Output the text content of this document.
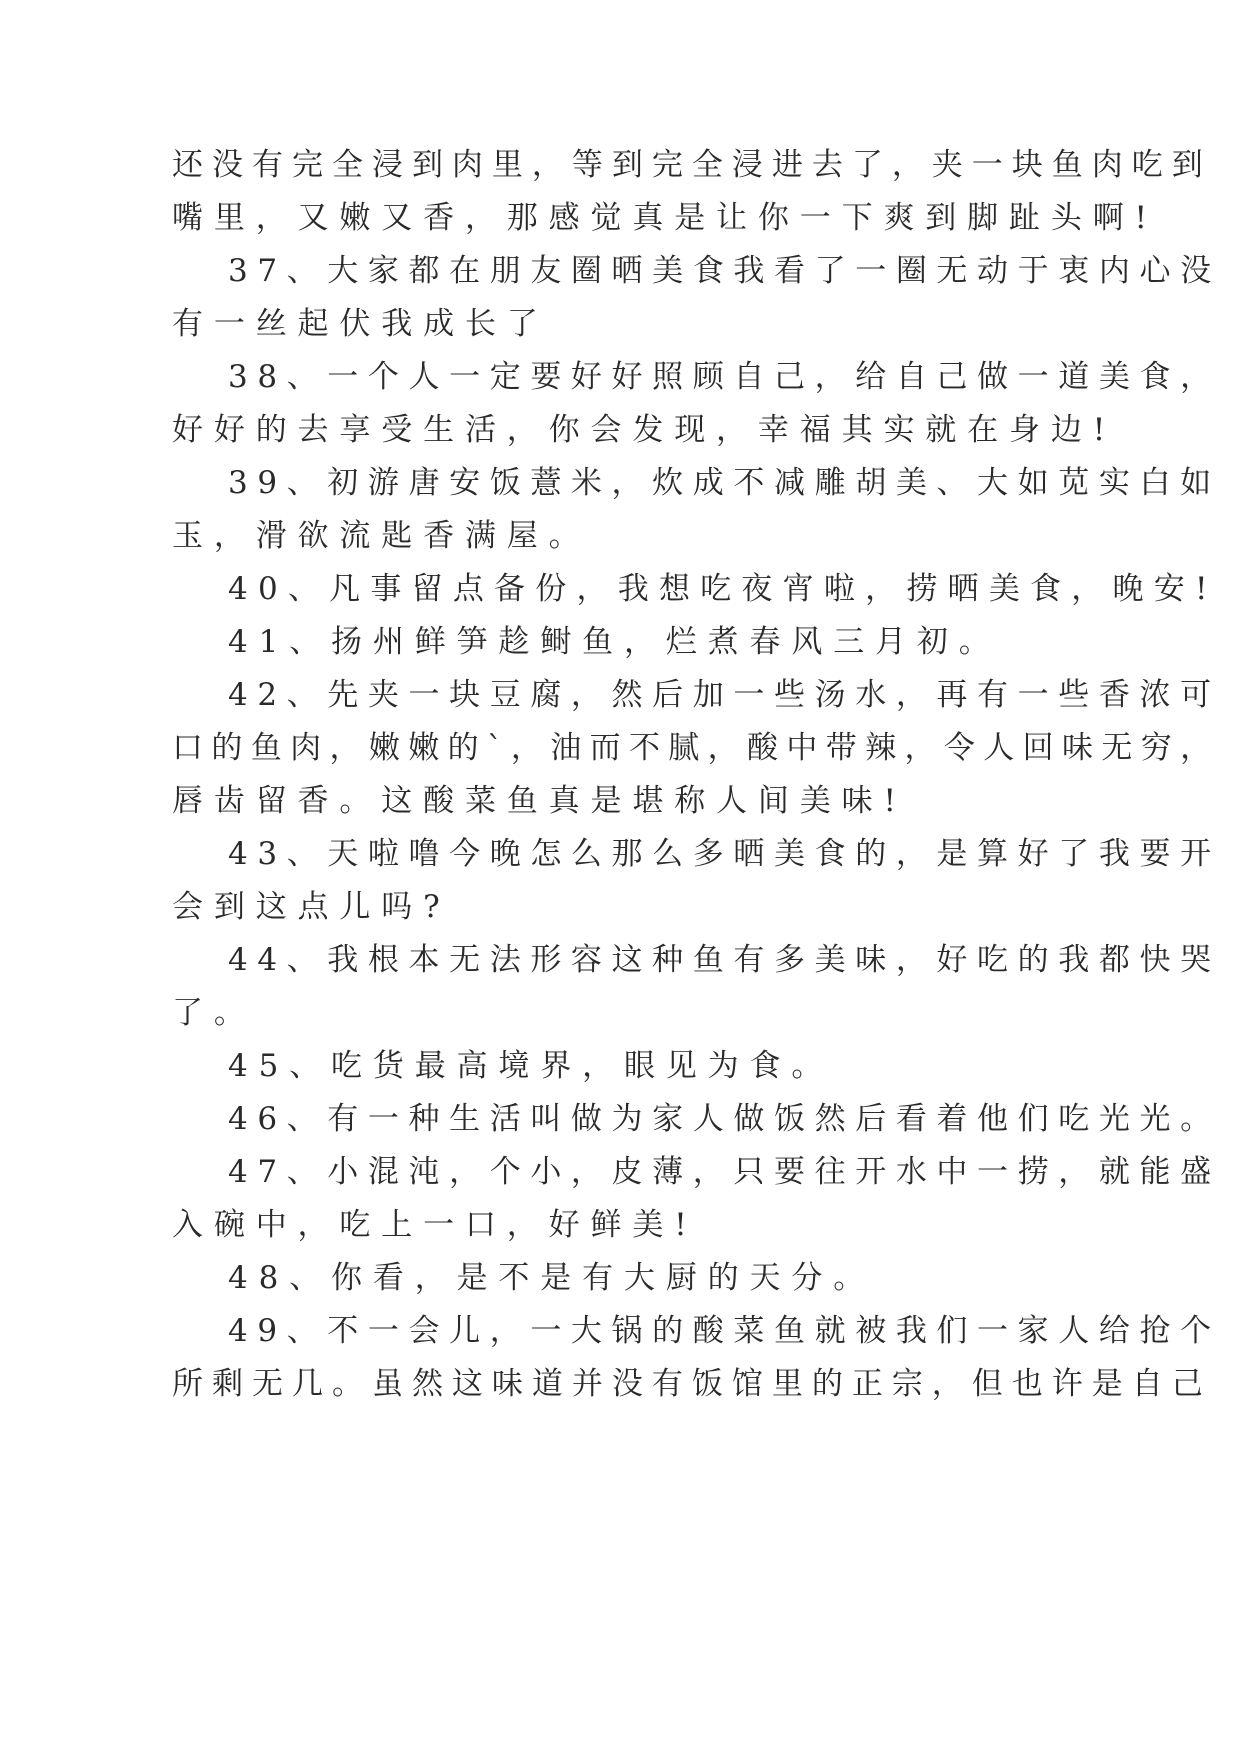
还没有完全浸到肉里，等到完全浸进去了，夹一块鱼肉吃到

嘴里，又嫩又香，那感觉真是让你一下爽到脚趾头啊!

37、大家都在朋友圈晒美食我看了一圈无动于衷内心没

有一丝起伏我成长了

38、一个人一定要好好照顾自己，给自己做一道美食，

好好的去享受生活，你会发现，幸福其实就在身边!

39、初游唐安饭薏米，炊成不减雕胡美、大如苋实白如

玉，滑欲流匙香满屋。

40、凡事留点备份，我想吃夜宵啦，捞晒美食，晚安!

41、扬州鲜笋趁鲥鱼，烂煮春风三月初。

42、先夹一块豆腐，然后加一些汤水，再有一些香浓可

口的鱼肉，嫩嫩的`，油而不腻，酸中带辣，令人回味无穷，

唇齿留香。这酸菜鱼真是堪称人间美味!

43、天啦噜今晚怎么那么多晒美食的，是算好了我要开

会到这点儿吗?

44、我根本无法形容这种鱼有多美味，好吃的我都快哭

了。

45、吃货最高境界，眼见为食。

46、有一种生活叫做为家人做饭然后看着他们吃光光。

47、小混沌，个小，皮薄，只要往开水中一捞，就能盛

入碗中，吃上一口，好鲜美!

48、你看，是不是有大厨的天分。

49、不一会儿，一大锅的酸菜鱼就被我们一家人给抢个

所剩无几。虽然这味道并没有饭馆里的正宗，但也许是自己
